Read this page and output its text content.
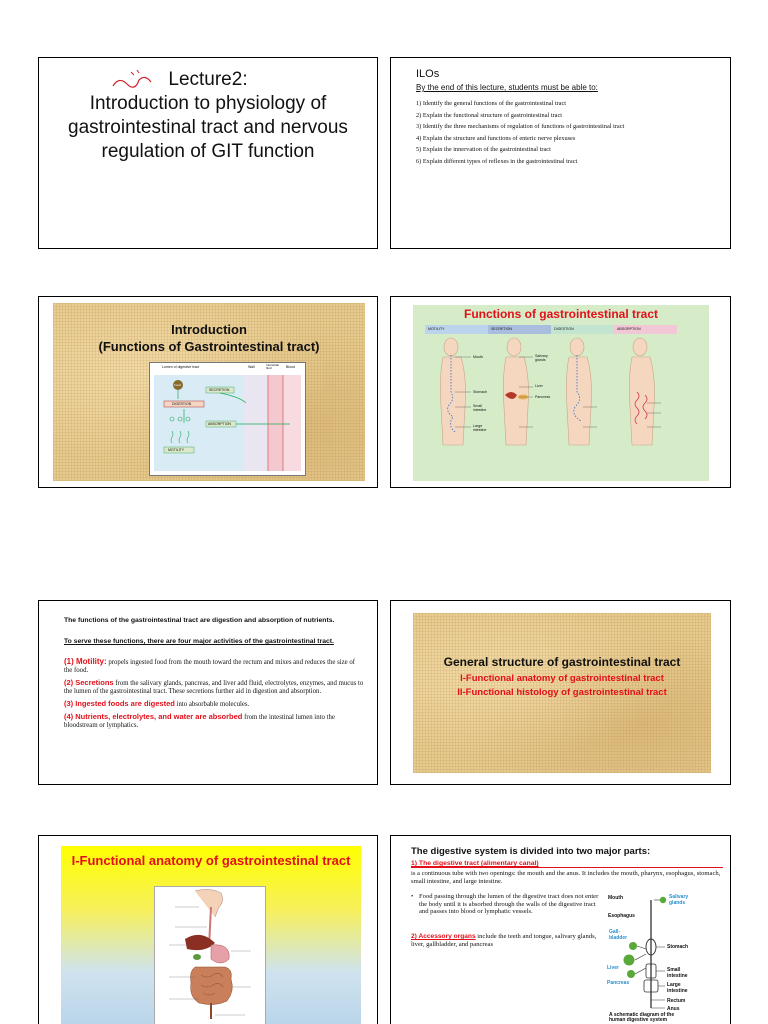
Lecture2:
Introduction to physiology of gastrointestinal tract and nervous regulation of GIT function
ILOs
By the end of this lecture, students must be able to:
1) Identify the general functions of the gastrointestinal tract
2) Explain the functional structure of gastrointestinal tract
3) Identify the three mechanisms of regulation of functions of gastrointestinal tract
4) Explain the structure and functions of enteric nerve plexuses
5) Explain the innervation of the gastrointestinal tract
6) Explain different types of reflexes in the gastrointestinal tract
Introduction
(Functions of Gastrointestinal tract)
Lumen of digestive tract	Wall	Interstitial fluid	Blood
Food
SECRETION
DIGESTION
ABSORPTION
MOTILITY
Functions of gastrointestinal tract
MOTILITY	SECRETION	DIGESTION	ABSORPTION
Mouth
Stomach
Small intestine
Large intestine
Salivary glands
Liver
Pancreas
The functions of the gastrointestinal tract are digestion and absorption of nutrients.
To serve these functions, there are four major activities of the gastrointestinal tract.
(1) Motility: propels ingested food from the mouth toward the rectum and mixes and reduces the size of the food.
(2) Secretions from the salivary glands, pancreas, and liver add fluid, electrolytes, enzymes, and mucus to the lumen of the gastrointestinal tract. These secretions further aid in digestion and absorption.
(3) Ingested foods are digested into absorbable molecules.
(4) Nutrients, electrolytes, and water are absorbed from the intestinal lumen into the bloodstream or lymphatics.
General structure of gastrointestinal tract
I-Functional anatomy of gastrointestinal tract
II-Functional histology of gastrointestinal tract
I-Functional anatomy of gastrointestinal tract
The digestive system is divided into two major parts:
1) The digestive tract (alimentary canal)
is a continuous tube with two openings: the mouth and the anus. It includes the mouth, pharynx, esophagus, stomach, small intestine, and large intestine.
• Food passing through the lumen of the digestive tract does not enter the body until it is absorbed through the walls of the digestive tract and passes into blood or lymphatic vessels.
2) Accessory organs include the teeth and tongue, salivary glands, liver, gallbladder, and pancreas
Mouth	Salivary glands
Esophagus
Gall-bladder
Stomach
Liver
Pancreas
Small intestine
Large intestine
Rectum
Anus
A schematic diagram of the human digestive system
